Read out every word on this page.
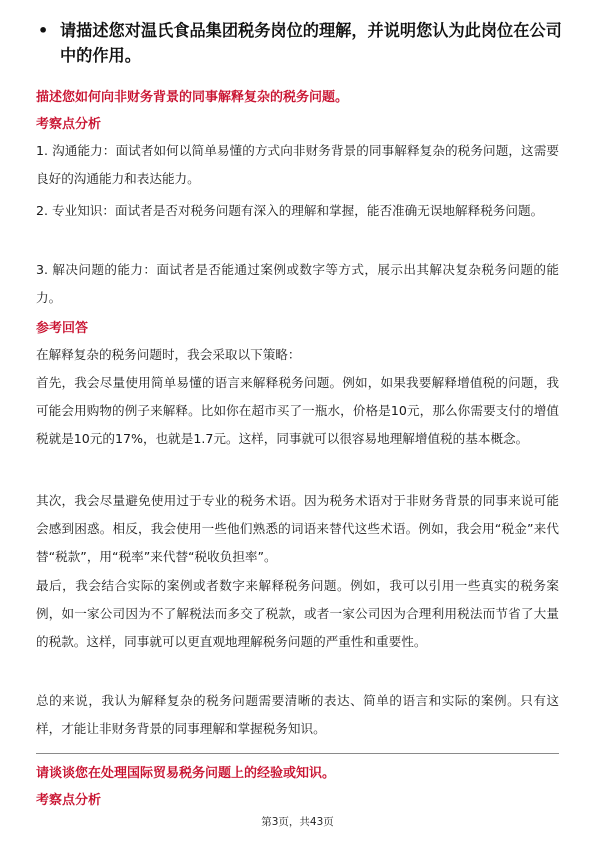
• 请描述您对温氏食品集团税务岗位的理解，并说明您认为此岗位在公司中的作用。
描述您如何向非财务背景的同事解释复杂的税务问题。
考察点分析
1. 沟通能力：面试者如何以简单易懂的方式向非财务背景的同事解释复杂的税务问题，这需要良好的沟通能力和表达能力。
2. 专业知识：面试者是否对税务问题有深入的理解和掌握，能否准确无误地解释税务问题。
3. 解决问题的能力：面试者是否能通过案例或数字等方式，展示出其解决复杂税务问题的能力。
参考回答
在解释复杂的税务问题时，我会采取以下策略：
首先，我会尽量使用简单易懂的语言来解释税务问题。例如，如果我要解释增值税的问题，我可能会用购物的例子来解释。比如你在超市买了一瓶水，价格是10元，那么你需要支付的增值税就是10元的17%，也就是1.7元。这样，同事就可以很容易地理解增值税的基本概念。
其次，我会尽量避免使用过于专业的税务术语。因为税务术语对于非财务背景的同事来说可能会感到困惑。相反，我会使用一些他们熟悉的词语来替代这些术语。例如，我会用“税金”来代替“税款”，用“税率”来代替“税收负担率”。
最后，我会结合实际的案例或者数字来解释税务问题。例如，我可以引用一些真实的税务案例，如一家公司因为不了解税法而多交了税款，或者一家公司因为合理利用税法而节省了大量的税款。这样，同事就可以更直观地理解税务问题的严重性和重要性。
总的来说，我认为解释复杂的税务问题需要清晰的表达、简单的语言和实际的案例。只有这样，才能让非财务背景的同事理解和掌握税务知识。
请谈谈您在处理国际贸易税务问题上的经验或知识。
考察点分析
第3页，共43页
